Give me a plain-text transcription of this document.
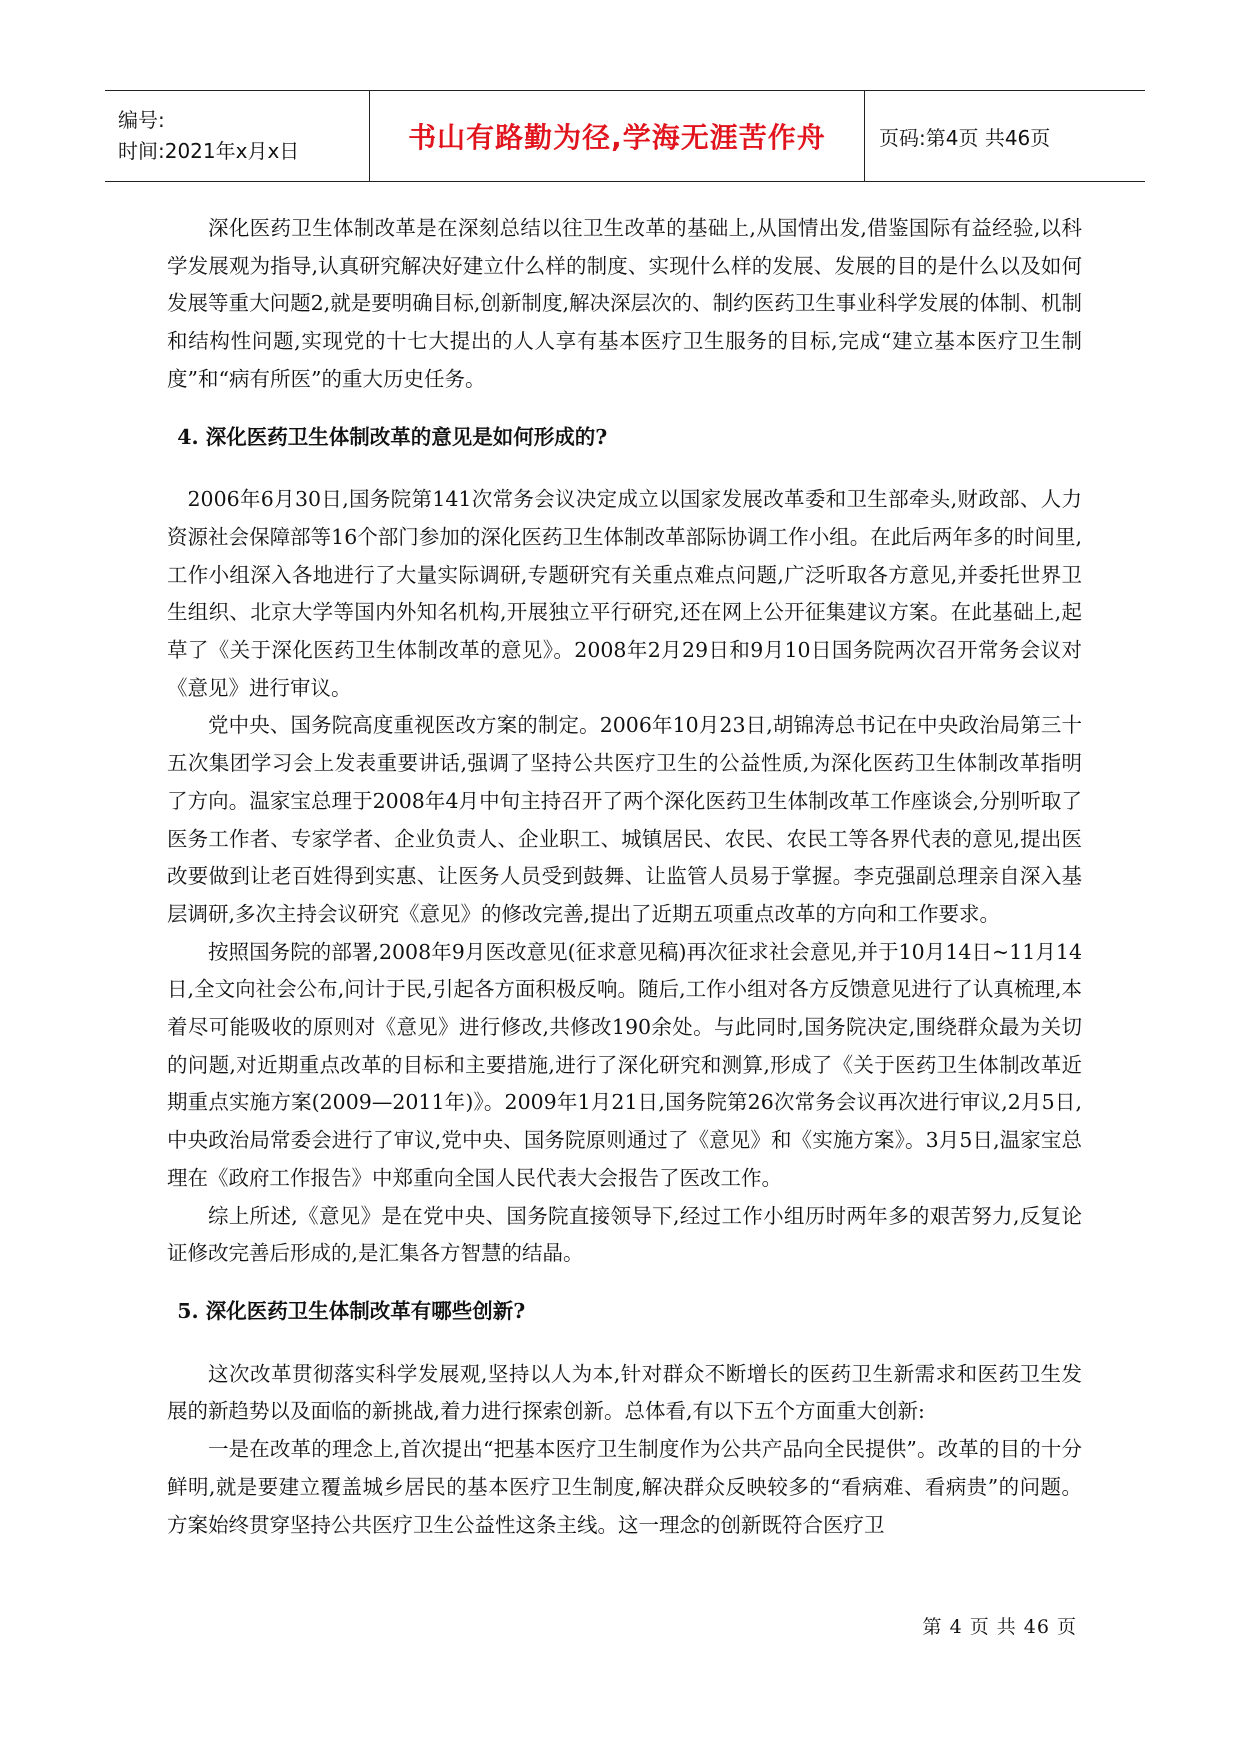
编号:
时间:2021年x月x日	书山有路勤为径,学海无涯苦作舟	页码:第4页 共46页

深化医药卫生体制改革是在深刻总结以往卫生改革的基础上,从国情出发,借鉴国际有益经验,以科学发展观为指导,认真研究解决好建立什么样的制度、实现什么样的发展、发展的目的是什么以及如何发展等重大问题2,就是要明确目标,创新制度,解决深层次的、制约医药卫生事业科学发展的体制、机制和结构性问题,实现党的十七大提出的人人享有基本医疗卫生服务的目标,完成“建立基本医疗卫生制度”和“病有所医”的重大历史任务。

4. 深化医药卫生体制改革的意见是如何形成的?

2006年6月30日,国务院第141次常务会议决定成立以国家发展改革委和卫生部牵头,财政部、人力资源社会保障部等16个部门参加的深化医药卫生体制改革部际协调工作小组。在此后两年多的时间里,工作小组深入各地进行了大量实际调研,专题研究有关重点难点问题,广泛听取各方意见,并委托世界卫生组织、北京大学等国内外知名机构,开展独立平行研究,还在网上公开征集建议方案。在此基础上,起草了《关于深化医药卫生体制改革的意见》。2008年2月29日和9月10日国务院两次召开常务会议对《意见》进行审议。

党中央、国务院高度重视医改方案的制定。2006年10月23日,胡锦涛总书记在中央政治局第三十五次集团学习会上发表重要讲话,强调了坚持公共医疗卫生的公益性质,为深化医药卫生体制改革指明了方向。温家宝总理于2008年4月中旬主持召开了两个深化医药卫生体制改革工作座谈会,分别听取了医务工作者、专家学者、企业负责人、企业职工、城镇居民、农民、农民工等各界代表的意见,提出医改要做到让老百姓得到实惠、让医务人员受到鼓舞、让监管人员易于掌握。李克强副总理亲自深入基层调研,多次主持会议研究《意见》的修改完善,提出了近期五项重点改革的方向和工作要求。

按照国务院的部署,2008年9月医改意见(征求意见稿)再次征求社会意见,并于10月14日~11月14日,全文向社会公布,问计于民,引起各方面积极反响。随后,工作小组对各方反馈意见进行了认真梳理,本着尽可能吸收的原则对《意见》进行修改,共修改190余处。与此同时,国务院决定,围绕群众最为关切的问题,对近期重点改革的目标和主要措施,进行了深化研究和测算,形成了《关于医药卫生体制改革近期重点实施方案(2009—2011年)》。2009年1月21日,国务院第26次常务会议再次进行审议,2月5日,中央政治局常委会进行了审议,党中央、国务院原则通过了《意见》和《实施方案》。3月5日,温家宝总理在《政府工作报告》中郑重向全国人民代表大会报告了医改工作。

综上所述,《意见》是在党中央、国务院直接领导下,经过工作小组历时两年多的艰苦努力,反复论证修改完善后形成的,是汇集各方智慧的结晶。

5. 深化医药卫生体制改革有哪些创新?

这次改革贯彻落实科学发展观,坚持以人为本,针对群众不断增长的医药卫生新需求和医药卫生发展的新趋势以及面临的新挑战,着力进行探索创新。总体看,有以下五个方面重大创新:

一是在改革的理念上,首次提出“把基本医疗卫生制度作为公共产品向全民提供”。改革的目的十分鲜明,就是要建立覆盖城乡居民的基本医疗卫生制度,解决群众反映较多的“看病难、看病贵”的问题。方案始终贯穿坚持公共医疗卫生公益性这条主线。这一理念的创新既符合医疗卫

第 4 页 共 46 页
